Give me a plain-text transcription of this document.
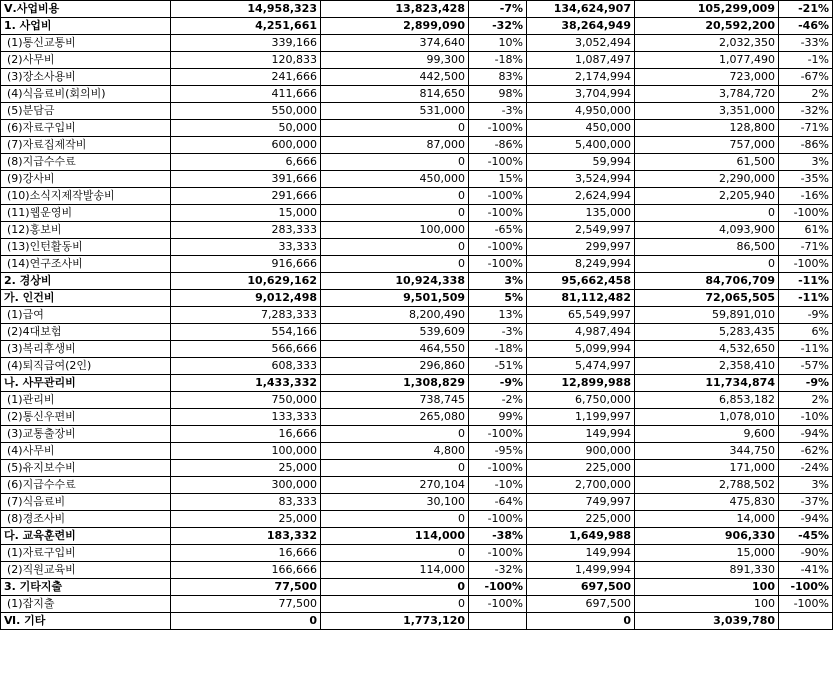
Ⅴ.사업비용	14,958,323	13,823,428	-7%	134,624,907	105,299,009	-21%
1. 사업비	4,251,661	2,899,090	-32%	38,264,949	20,592,200	-46%
(1)통신교통비	339,166	374,640	10%	3,052,494	2,032,350	-33%
(2)사무비	120,833	99,300	-18%	1,087,497	1,077,490	-1%
(3)장소사용비	241,666	442,500	83%	2,174,994	723,000	-67%
(4)식음료비(회의비)	411,666	814,650	98%	3,704,994	3,784,720	2%
(5)분담금	550,000	531,000	-3%	4,950,000	3,351,000	-32%
(6)자료구입비	50,000	0	-100%	450,000	128,800	-71%
(7)자료집제작비	600,000	87,000	-86%	5,400,000	757,000	-86%
(8)지급수수료	6,666	0	-100%	59,994	61,500	3%
(9)강사비	391,666	450,000	15%	3,524,994	2,290,000	-35%
(10)소식지제작발송비	291,666	0	-100%	2,624,994	2,205,940	-16%
(11)웹운영비	15,000	0	-100%	135,000	0	-100%
(12)홍보비	283,333	100,000	-65%	2,549,997	4,093,900	61%
(13)인턴활동비	33,333	0	-100%	299,997	86,500	-71%
(14)연구조사비	916,666	0	-100%	8,249,994	0	-100%
2. 경상비	10,629,162	10,924,338	3%	95,662,458	84,706,709	-11%
가. 인건비	9,012,498	9,501,509	5%	81,112,482	72,065,505	-11%
(1)급여	7,283,333	8,200,490	13%	65,549,997	59,891,010	-9%
(2)4대보험	554,166	539,609	-3%	4,987,494	5,283,435	6%
(3)복리후생비	566,666	464,550	-18%	5,099,994	4,532,650	-11%
(4)퇴직급여(2인)	608,333	296,860	-51%	5,474,997	2,358,410	-57%
나. 사무관리비	1,433,332	1,308,829	-9%	12,899,988	11,734,874	-9%
(1)관리비	750,000	738,745	-2%	6,750,000	6,853,182	2%
(2)통신우편비	133,333	265,080	99%	1,199,997	1,078,010	-10%
(3)교통출장비	16,666	0	-100%	149,994	9,600	-94%
(4)사무비	100,000	4,800	-95%	900,000	344,750	-62%
(5)유지보수비	25,000	0	-100%	225,000	171,000	-24%
(6)지급수수료	300,000	270,104	-10%	2,700,000	2,788,502	3%
(7)식음료비	83,333	30,100	-64%	749,997	475,830	-37%
(8)경조사비	25,000	0	-100%	225,000	14,000	-94%
다. 교육훈련비	183,332	114,000	-38%	1,649,988	906,330	-45%
(1)자료구입비	16,666	0	-100%	149,994	15,000	-90%
(2)직원교육비	166,666	114,000	-32%	1,499,994	891,330	-41%
3. 기타지출	77,500	0	-100%	697,500	100	-100%
(1)잡지출	77,500	0	-100%	697,500	100	-100%
Ⅵ. 기타	0	1,773,120		0	3,039,780	
